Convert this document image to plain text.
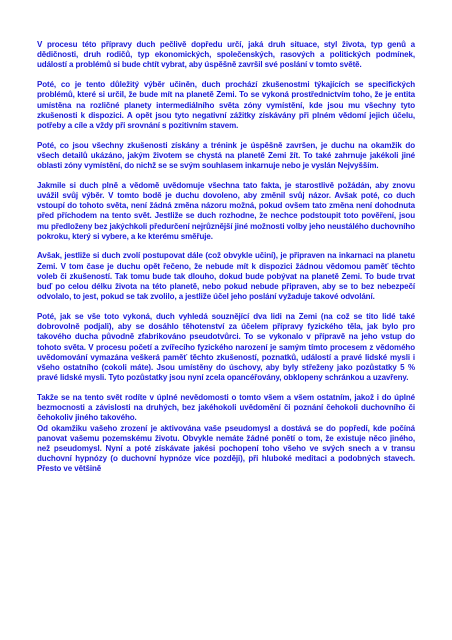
V procesu této přípravy duch pečlivě dopředu určí, jaká druh situace, styl života, typ genů a dědičnosti, druh rodičů, typ ekonomických, společenských, rasových a politických podmínek, událostí a problémů si bude chtít vybrat, aby úspěšně završil své poslání v tomto světě.

Poté, co je tento důležitý výběr učiněn, duch prochází zkušenostmi týkajících se specifických problémů, které si určil, že bude mít na planetě Zemi. To se vykoná prostřednictvím toho, že je entita umístěna na rozličné planety intermediálního světa zóny vymístění, kde jsou mu všechny tyto zkušenosti k dispozici. A opět jsou tyto negativní zážitky získávány při plném vědomí jejich účelu, potřeby a cíle a vždy při srovnání s pozitivním stavem.

Poté, co jsou všechny zkušenosti získány a trénink je úspěšně završen, je duchu na okamžik do všech detailů ukázáno, jakým životem se chystá na planetě Zemi žít. To také zahrnuje jakékoli jiné oblasti zóny vymístění, do nichž se se svým souhlasem inkarnuje nebo je vyslán Nejvyšším.

Jakmile si duch plně a vědomě uvědomuje všechna tato fakta, je starostlivě požádán, aby znovu uvážil svůj výběr. V tomto bodě je duchu dovoleno, aby změnil svůj názor. Avšak poté, co duch vstoupí do tohoto světa, není žádná změna názoru možná, pokud ovšem tato změna není dohodnuta před příchodem na tento svět. Jestliže se duch rozhodne, že nechce podstoupit toto pověření, jsou mu předloženy bez jakýchkoli předurčení nejrůznější jiné možnosti volby jeho neustálého duchovního pokroku, který si vybere, a ke kterému směřuje.

Avšak, jestliže si duch zvolí postupovat dále (což obvykle učiní), je připraven na inkarnaci na planetu Zemi. V tom čase je duchu opět řečeno, že nebude mít k dispozici žádnou vědomou paměť těchto voleb či zkušeností. Tak tomu bude tak dlouho, dokud bude pobývat na planetě Zemi. To bude trvat buď po celou délku života na této planetě, nebo pokud nebude připraven, aby se to bez nebezpečí odvolalo, to jest, pokud se tak zvolilo, a jestliže účel jeho poslání vyžaduje takové odvolání.

Poté, jak se vše toto vykoná, duch vyhledá souznějící dva lidi na Zemi (na což se tito lidé také dobrovolně podjali), aby se dosáhlo těhotenství za účelem přípravy fyzického těla, jak bylo pro takového ducha původně zfabrikováno pseudotvůrci. To se vykonalo v přípravě na jeho vstup do tohoto světa. V procesu početí a zvířecího fyzického narození je samým tímto procesem z vědomého uvědomování vymazána veškerá paměť těchto zkušeností, poznatků, událostí a pravé lidské mysli i všeho ostatního (cokoli máte). Jsou umístěny do úschovy, aby byly střeženy jako pozůstatky 5 % pravé lidské mysli. Tyto pozůstatky jsou nyní zcela opancéřovány, obklopeny schránkou a uzavřeny.

Takže se na tento svět rodíte v úplné nevědomosti o tomto všem a všem ostatním, jakož i do úplné bezmocnosti a závislosti na druhých, bez jakéhokoli uvědomění či poznání čehokoli duchovního či čehokoliv jiného takového.

Od okamžiku vašeho zrození je aktivována vaše pseudomysl a dostává se do popředí, kde počíná panovat vašemu pozemskému životu. Obvykle nemáte žádné ponětí o tom, že existuje něco jiného, než pseudomysl. Nyní a poté získávate jakési pochopení toho všeho ve svých snech a v transu duchovní hypnózy (o duchovní hypnóze více později), při hluboké meditaci a podobných stavech. Přesto ve většině
